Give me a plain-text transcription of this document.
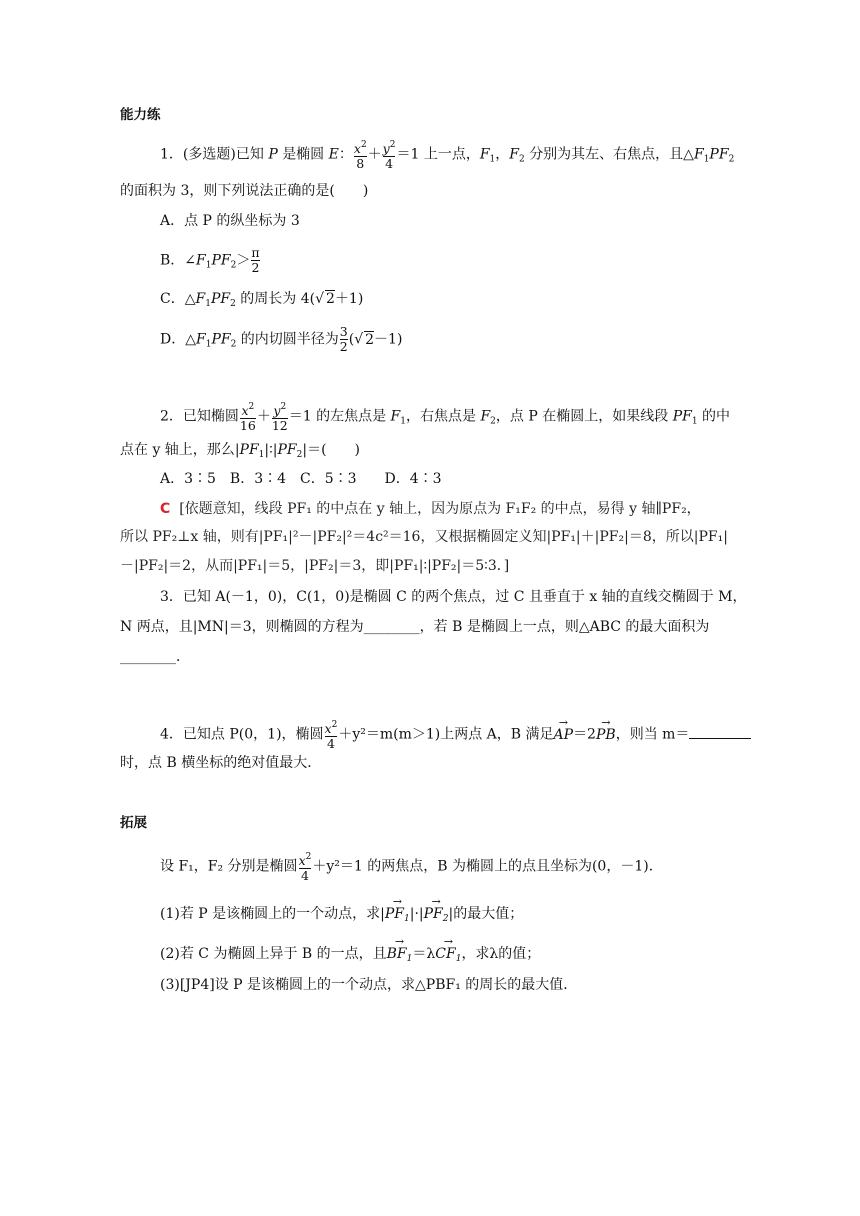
能力练
1．(多选题)已知 P 是椭圆 E： $\frac{x^2}{8} + \frac{y^2}{4} =1$ 上一点，$F_1$，$F_2$ 分别为其左、右焦点，且$\triangle F_1PF_2$
的面积为 3，则下列说法正确的是(　　)
A．点 P 的纵坐标为 3
B．$\angle F_1PF_2> \frac{\pi}{2}$
C．$\triangle F_1PF_2$ 的周长为 4(√ 2＋1)
D．$\triangle F_1PF_2$ 的内切圆半径为 $\frac{3}{2}$ (√ 2－1)
2．已知椭圆 $\frac{x^2}{16} + \frac{y^2}{12} =1$ 的左焦点是 $F_1$，右焦点是 $F_2$，点 P 在椭圆上，如果线段 $PF_1$ 的中
点在 y 轴上，那么$|PF_1|∶|PF_2|=$(　　)
A．3∶5　B．3∶4　C．5∶3　　D．4∶3
C [依题意知，线段 PF₁ 的中点在 y 轴上，因为原点为 F₁F₂ 的中点，易得 y 轴∥PF₂，
所以 PF₂⊥x 轴，则有|PF₁|²－|PF₂|²＝4c²＝16，又根据椭圆定义知|PF₁|＋|PF₂|＝8，所以|PF₁|
－|PF₂|＝2，从而|PF₁|＝5，|PF₂|＝3，即|PF₁|∶|PF₂|＝5∶3．]
3．已知 A(－1，0)，C(1，0)是椭圆 C 的两个焦点，过 C 且垂直于 x 轴的直线交椭圆于 M，
N 两点，且|MN|＝3，则椭圆的方程为________，若 B 是椭圆上一点，则△ABC 的最大面积为
________．
4．已知点 P(0，1)，椭圆 $\frac{x^2}{4} +y^2=m(m>1)$上两点 A，B 满足→ AP＝2→ PB，则当 m＝
时，点 B 横坐标的绝对值最大．
拓展
设 F₁，F₂ 分别是椭圆 $\frac{x^2}{4} +y^2=1$ 的两焦点，B 为椭圆上的点且坐标为(0，－1)．
(1)若 P 是该椭圆上的一个动点，求|→ $PF_1|\cdot|\to PF_2|$的最大值；
(2)若 C 为椭圆上异于 B 的一点，且→ $BF_1=\lambda\to CF_1$，求λ的值；
(3)[JP4]设 P 是该椭圆上的一个动点，求△PBF₁ 的周长的最大值．
